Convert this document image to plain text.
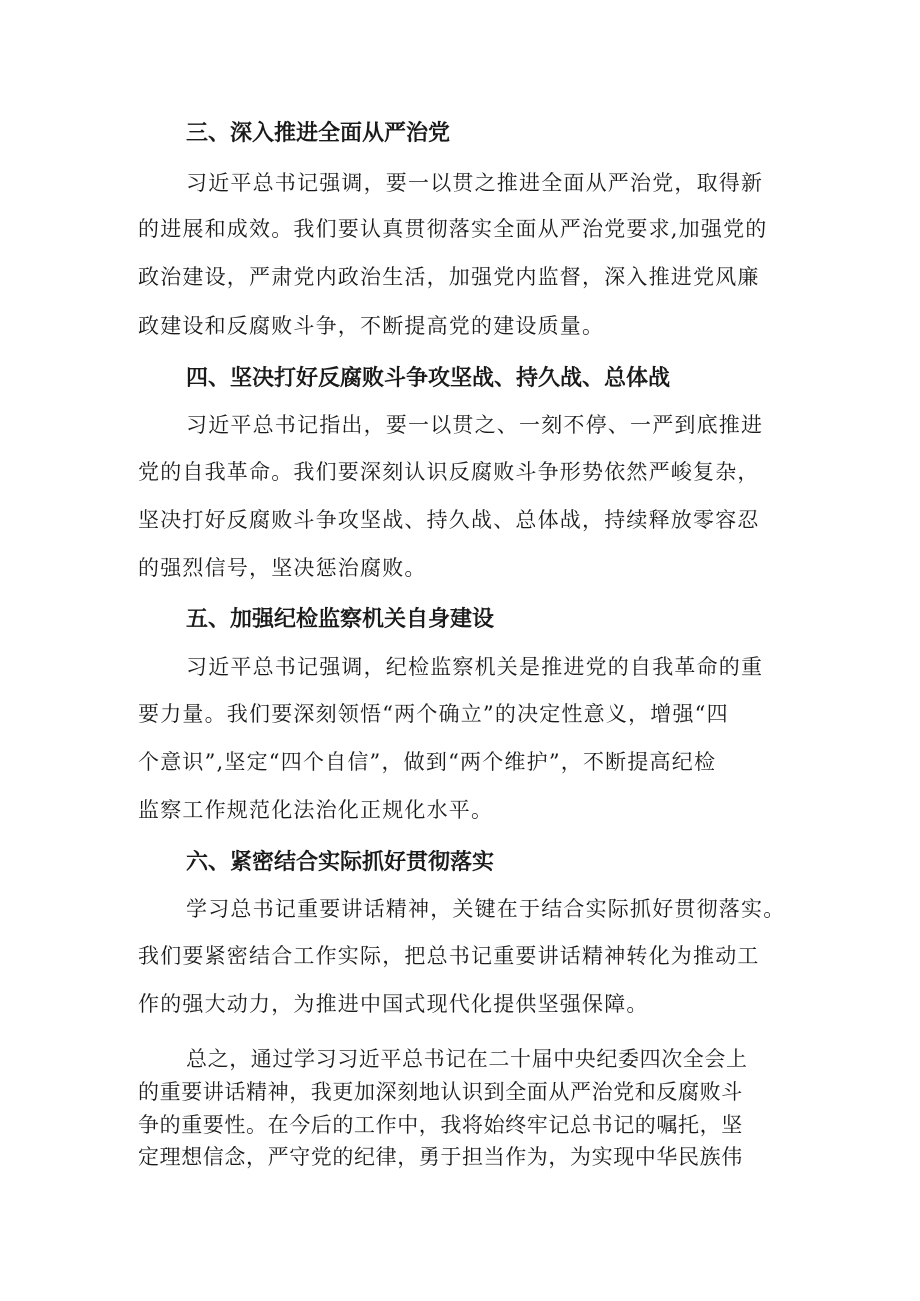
三、深入推进全面从严治党
习近平总书记强调，要一以贯之推进全面从严治党，取得新
的进展和成效。我们要认真贯彻落实全面从严治党要求,加强党的
政治建设，严肃党内政治生活，加强党内监督，深入推进党风廉
政建设和反腐败斗争，不断提高党的建设质量。
四、坚决打好反腐败斗争攻坚战、持久战、总体战
习近平总书记指出，要一以贯之、一刻不停、一严到底推进
党的自我革命。我们要深刻认识反腐败斗争形势依然严峻复杂，
坚决打好反腐败斗争攻坚战、持久战、总体战，持续释放零容忍
的强烈信号，坚决惩治腐败。
五、加强纪检监察机关自身建设
习近平总书记强调，纪检监察机关是推进党的自我革命的重
要力量。我们要深刻领悟“两个确立”的决定性意义，增强“四
个意识”,坚定“四个自信”，做到“两个维护”，不断提高纪检
监察工作规范化法治化正规化水平。
六、紧密结合实际抓好贯彻落实
学习总书记重要讲话精神，关键在于结合实际抓好贯彻落实。
我们要紧密结合工作实际，把总书记重要讲话精神转化为推动工
作的强大动力，为推进中国式现代化提供坚强保障。
总之，通过学习习近平总书记在二十届中央纪委四次全会上
的重要讲话精神，我更加深刻地认识到全面从严治党和反腐败斗
争的重要性。在今后的工作中，我将始终牢记总书记的嘱托，坚
定理想信念，严守党的纪律，勇于担当作为，为实现中华民族伟
